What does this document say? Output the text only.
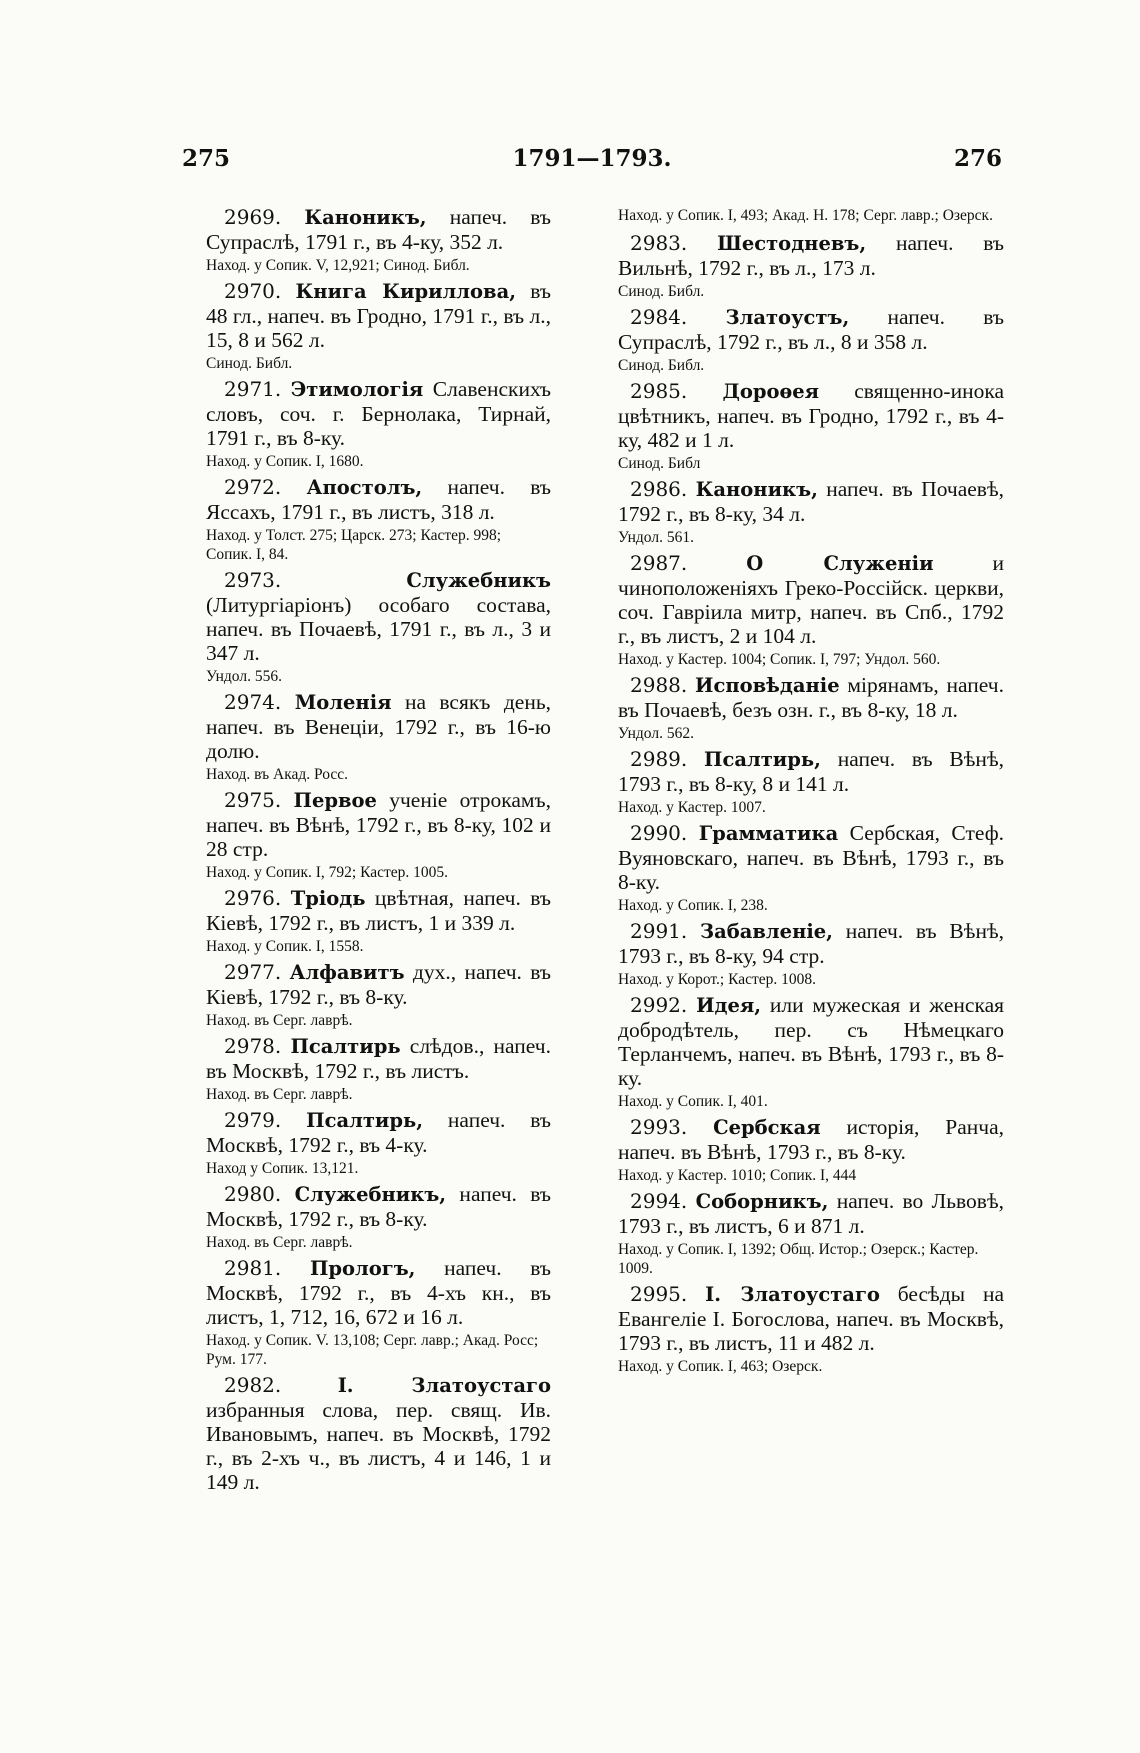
275	1791—1793.	276

2969. Каноникъ, напеч. въ Супраслѣ, 1791 г., въ 4-ку, 352 л.

Наход. у Сопик. V, 12,921; Синод. Библ.

2970. Книга Кириллова, въ 48 гл., напеч. въ Гродно, 1791 г., въ л., 15, 8 и 562 л.

Синод. Библ.

2971. Этимологія Славенскихъ словъ, соч. г. Бернолака, Тирнай, 1791 г., въ 8-ку.

Наход. у Сопик. I, 1680.

2972. Апостолъ, напеч. въ Яссахъ, 1791 г., въ листъ, 318 л.

Наход. у Толст. 275; Царск. 273; Кастер. 998; Сопик. I, 84.

2973.	Служебникъ (Литургіаріонъ) особаго состава, напеч. въ Почаевѣ, 1791 г., въ л., 3 и 347 л.

Ундол. 556.

2974. Моленія на всякъ день, напеч. въ Венеціи, 1792 г., въ 16-ю долю.

Наход. въ Акад. Росс.

2975. Первое ученіе отрокамъ, напеч. въ Вѣнѣ, 1792 г., въ 8-ку, 102 и 28 стр.

Наход. у Сопик. I, 792; Кастер. 1005.

2976. Тріодь цвѣтная, напеч. въ Кіевѣ, 1792 г., въ листъ, 1 и 339 л.

Наход. у Сопик. I, 1558.

2977. Алфавитъ дух., напеч. въ Кіевѣ, 1792 г., въ 8-ку.

Наход. въ Серг. лаврѣ.

2978. Псалтирь слѣдов., напеч. въ Москвѣ, 1792 г., въ листъ.

Наход. въ Серг. лаврѣ.

2979. Псалтирь, напеч. въ Москвѣ, 1792 г., въ 4-ку.

Наход у Сопик. 13,121.

2980. Служебникъ, напеч. въ Москвѣ, 1792 г., въ 8-ку.

Наход. въ Серг. лаврѣ.

2981. Прологъ, напеч. въ Москвѣ, 1792 г., въ 4-хъ кн., въ листъ, 1, 712, 16, 672 и 16 л.

Наход. у Сопик. V. 13,108; Серг. лавр.; Акад. Росс; Рум. 177.

2982.	I. Златоустаго избранныя слова, пер. свящ. Ив. Ивановымъ, напеч. въ Москвѣ, 1792 г., въ 2-хъ ч., въ листъ, 4 и 146, 1 и 149 л.

Наход. у Сопик. I, 493; Акад. Н. 178; Серг. лавр.; Озерск.

2983. Шестодневъ, напеч. въ Вильнѣ, 1792 г., въ л., 173 л.

Синод. Библ.

2984. Златоустъ, напеч. въ Супраслѣ, 1792 г., въ л., 8 и 358 л.

Синод. Библ.

2985. Дороѳея священно-инока цвѣтникъ, напеч. въ Гродно, 1792 г., въ 4-ку, 482 и 1 л.

Синод. Библ

2986. Каноникъ, напеч. въ Почаевѣ, 1792 г., въ 8-ку, 34 л.

Ундол. 561.

2987.	О Служеніи и чиноположеніяхъ Греко-Россійск. церкви, соч. Гаврiила митр, напеч. въ Спб., 1792 г., въ листъ, 2 и 104 л.

Наход. у Кастер. 1004; Сопик. I, 797; Ундол. 560.

2988. Исповѣданіе мірянамъ, напеч. въ Почаевѣ, безъ озн. г., въ 8-ку, 18 л.

Ундол. 562.

2989. Псалтирь, напеч. въ Вѣнѣ, 1793 г., въ 8-ку, 8 и 141 л.

Наход. у Кастер. 1007.

2990. Грамматика Сербская, Стеф. Вуяновскаго, напеч. въ Вѣнѣ, 1793 г., въ 8-ку.

Наход. у Сопик. I, 238.

2991. Забавленіе, напеч. въ Вѣнѣ, 1793 г., въ 8-ку, 94 стр.

Наход. у Корот.; Кастер. 1008.

2992. Идея, или мужеская и женская добродѣтель, пер. съ Нѣмецкаго Терланчемъ, напеч. въ Вѣнѣ, 1793 г., въ 8-ку.

Наход. у Сопик. I, 401.

2993. Сербская исторія, Ранча, напеч. въ Вѣнѣ, 1793 г., въ 8-ку.

Наход. у Кастер. 1010; Сопик. I, 444

2994. Соборникъ, напеч. во Львовѣ, 1793 г., въ листъ, 6 и 871 л.

Наход. у Сопик. I, 1392; Общ. Истор.; Озерск.; Кастер. 1009.

2995. I. Златоустаго бесѣды на Евангеліе I. Богослова, напеч. въ Москвѣ, 1793 г., въ листъ, 11 и 482 л.

Наход. у Сопик. I, 463; Озерск.
